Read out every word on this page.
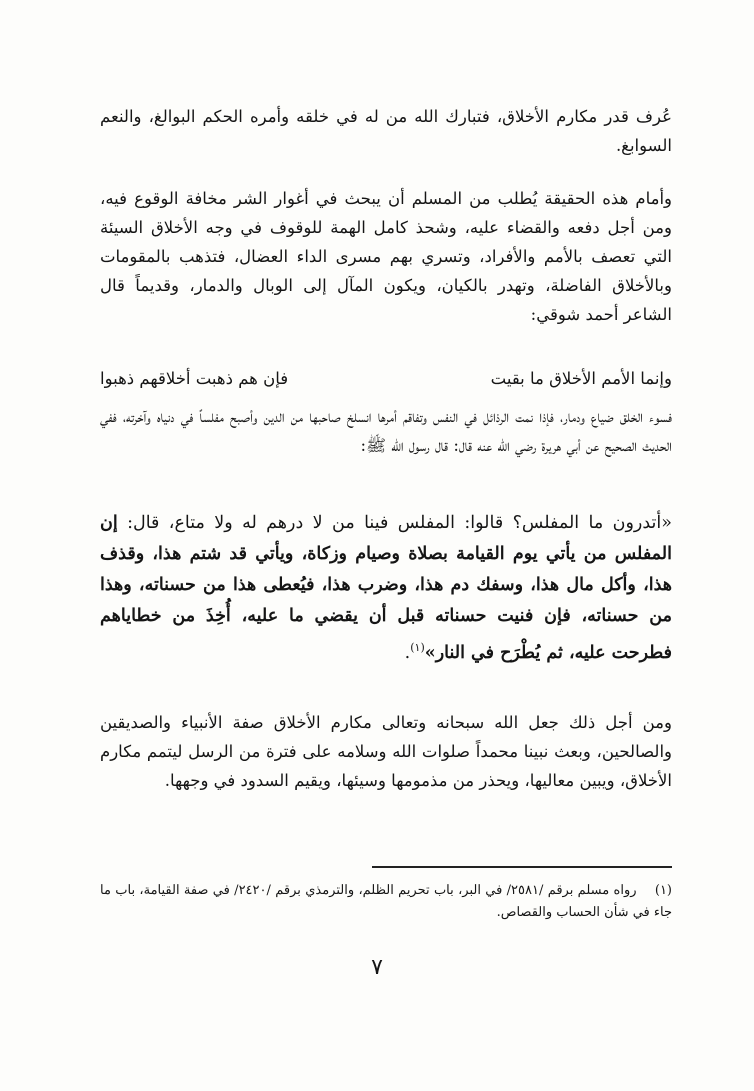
عُرف قدر مكارم الأخلاق، فتبارك الله من له في خلقه وأمره الحكم البوالغ، والنعم السوابغ.

وأمام هذه الحقيقة يُطلب من المسلم أن يبحث في أغوار الشر مخافة الوقوع فيه، ومن أجل دفعه والقضاء عليه، وشحذ كامل الهمة للوقوف في وجه الأخلاق السيئة التي تعصف بالأمم والأفراد، وتسري بهم مسرى الداء العضال، فتذهب بالمقومات وبالأخلاق الفاضلة، وتهدر بالكيان، ويكون المآل إلى الوبال والدمار، وقديماً قال الشاعر أحمد شوقي:

وإنما الأمم الأخلاق ما بقيت
فإن هم ذهبت أخلاقهم ذهبوا

فسوء الخلق ضياع ودمار، فإذا نمت الرذائل في النفس وتفاقم أمرها انسلخ صاحبها من الدين وأصبح مفلساً في دنياه وآخرته، ففي الحديث الصحيح عن أبي هريرة رضي الله عنه قال: قال رسول الله ﷺ:

«أتدرون ما المفلس؟ قالوا: المفلس فينا من لا درهم له ولا متاع، قال: إن المفلس من يأتي يوم القيامة بصلاة وصيام وزكاة، ويأتي قد شتم هذا، وقذف هذا، وأكل مال هذا، وسفك دم هذا، وضرب هذا، فيُعطى هذا من حسناته، وهذا من حسناته، فإن فنيت حسناته قبل أن يقضي ما عليه، أُخِذَ من خطاياهم فطرحت عليه، ثم يُطْرَح في النار»$^{(١)}$.

ومن أجل ذلك جعل الله سبحانه وتعالى مكارم الأخلاق صفة الأنبياء والصديقين والصالحين، وبعث نبينا محمداً صلوات الله وسلامه على فترة من الرسل ليتمم مكارم الأخلاق، ويبين معاليها، ويحذر من مذمومها وسيئها، ويقيم السدود في وجهها.

(١) رواه مسلم برقم /٢٥٨١/ في البر، باب تحريم الظلم، والترمذي برقم /٢٤٢٠/ في صفة القيامة، باب ما جاء في شأن الحساب والقصاص.

٧
